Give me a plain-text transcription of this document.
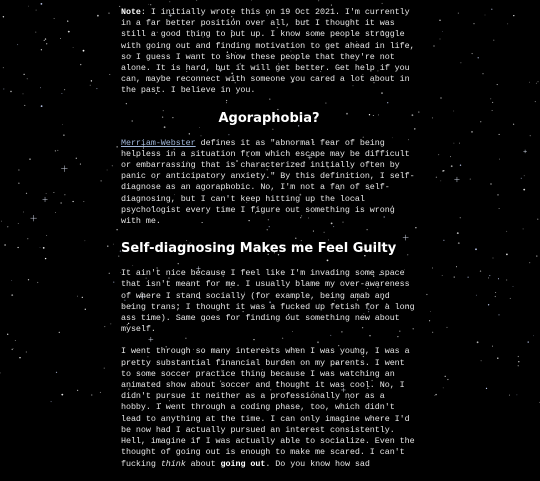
Note: I initially wrote this on 19 Oct 2021. I'm currently in a far better position over all, but I thought it was still a good thing to put up. I know some people struggle with going out and finding motivation to get ahead in life, so I guess I want to show these people that they're not alone. It is hard, but it will get better. Get help if you can, maybe reconnect with someone you cared a lot about in the past. I believe in you.

Agoraphobia?

Merriam-Webster defines it as "abnormal fear of being helpless in a situation from which escape may be difficult or embarrassing that is characterized initially often by panic or anticipatory anxiety." By this definition, I self-diagnose as an agoraphobic. No, I'm not a fan of self-diagnosing, but I can't keep hitting up the local psychologist every time I figure out something is wrong with me.

Self-diagnosing Makes me Feel Guilty

It ain't nice because I feel like I'm invading some space that isn't meant for me. I usually blame my over-awareness of where I stand socially (for example, being amab and being trans; I thought it was a fucked up fetish for a long ass time). Same goes for finding out something new about myself.

I went through so many interests when I was young, I was a pretty substantial financial burden on my parents. I went to some soccer practice thing because I was watching an animated show about soccer and thought it was cool. No, I didn't pursue it neither as a professionally nor as a hobby. I went through a coding phase, too, which didn't lead to anything at the time. I can only imagine where I'd be now had I actually pursued an interest consistently. Hell, imagine if I was actually able to socialize. Even the thought of going out is enough to make me scared. I can't fucking think about going out. Do you know how sad
